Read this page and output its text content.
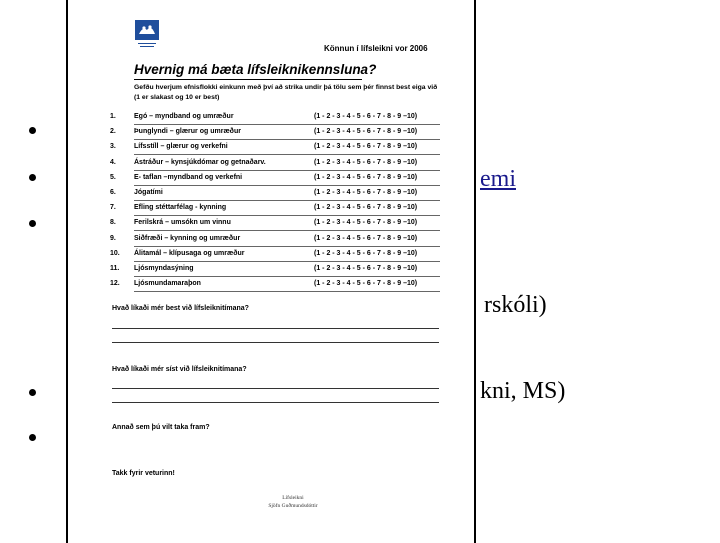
emi
rskóli)
kni, MS)
Könnun í lífsleikni vor 2006
Hvernig má bæta lífsleiknikennsluna?
Gefðu hverjum efnisflokki einkunn með því að strika undir þá tölu sem þér finnst best eiga við (1 er slakast og 10 er best)
1.	Egó – myndband og umræður	(1 - 2 - 3 - 4 - 5 - 6 - 7 - 8 - 9 –10)
2.	Þunglyndi – glærur og umræður	(1 - 2 - 3 - 4 - 5 - 6 - 7 - 8 - 9 –10)
3.	Lífsstíll – glærur og verkefni	(1 - 2 - 3 - 4 - 5 - 6 - 7 - 8 - 9 –10)
4.	Ástráður – kynsjúkdómar og getnaðarv.	(1 - 2 - 3 - 4 - 5 - 6 - 7 - 8 - 9 –10)
5.	E- taflan –myndband og verkefni	(1 - 2 - 3 - 4 - 5 - 6 - 7 - 8 - 9 –10)
6.	Jógatími	(1 - 2 - 3 - 4 - 5 - 6 - 7 - 8 - 9 –10)
7.	Efling stéttarfélag - kynning	(1 - 2 - 3 - 4 - 5 - 6 - 7 - 8 - 9 –10)
8.	Ferilskrá – umsókn um vinnu	(1 - 2 - 3 - 4 - 5 - 6 - 7 - 8 - 9 –10)
9.	Siðfræði – kynning og umræður	(1 - 2 - 3 - 4 - 5 - 6 - 7 - 8 - 9 –10)
10. Álitamál – klípusaga og umræður	(1 - 2 - 3 - 4 - 5 - 6 - 7 - 8 - 9 –10)
11. Ljósmyndasýning	(1 - 2 - 3 - 4 - 5 - 6 - 7 - 8 - 9 –10)
12. Ljósmundamaraþon	(1 - 2 - 3 - 4 - 5 - 6 - 7 - 8 - 9 –10)
Hvað líkaði mér best við lífsleiknitímana?
Hvað líkaði mér síst við lífsleiknitímana?
Annað sem þú vilt taka fram?
Takk fyrir veturinn!
Lífsleikni
Sjöfn Guðmundsdóttir
